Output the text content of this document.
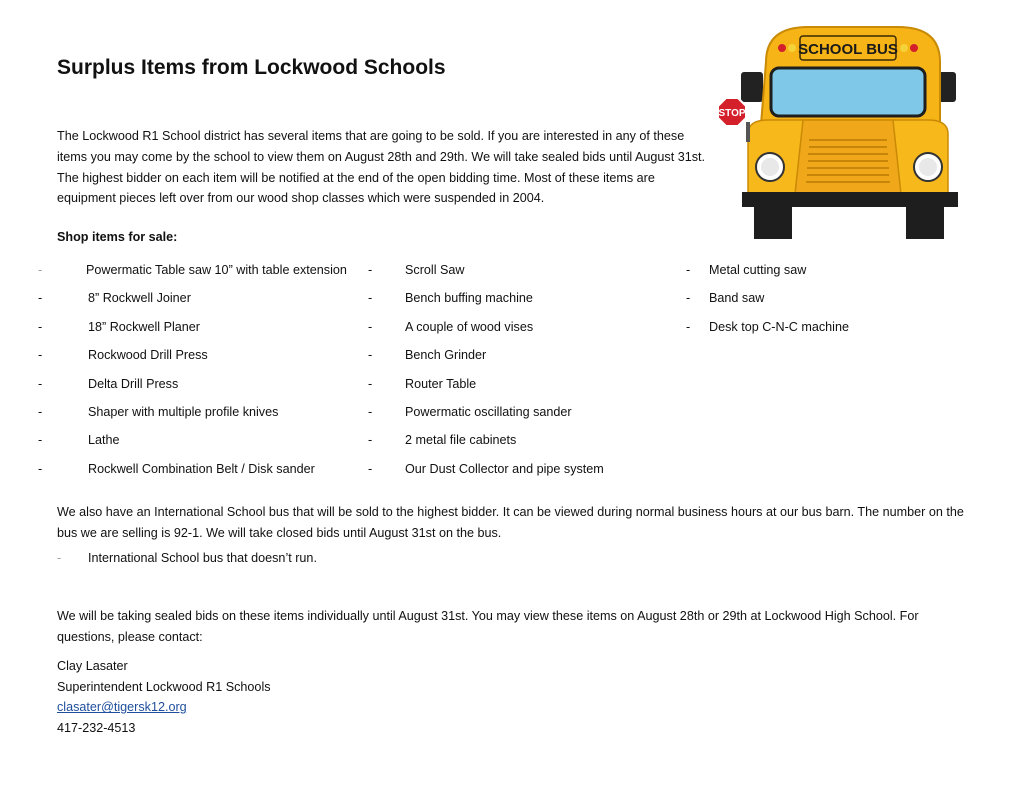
Surplus Items from Lockwood Schools

The Lockwood R1 School district has several items that are going to be sold. If you are interested in any of these items you may come by the school to view them on August 28th and 29th. We will take sealed bids until August 31st. The highest bidder on each item will be notified at the end of the open bidding time. Most of these items are equipment pieces left over from our wood shop classes which were suspended in 2004.

Shop items for sale:

-	Powermatic Table saw 10” with table extension
-	8” Rockwell Joiner
-	18” Rockwell Planer
-	Rockwood Drill Press
-	Delta Drill Press
-	Shaper with multiple profile knives
-	Lathe
-	Rockwell Combination Belt / Disk sander
-	Scroll Saw
-	Bench buffing machine
-	A couple of wood vises
-	Bench Grinder
-	Router Table
-	Powermatic oscillating sander
-	2 metal file cabinets
-	Our Dust Collector and pipe system
- Metal cutting saw
- Band saw
- Desk top C-N-C machine

We also have an International School bus that will be sold to the highest bidder. It can be viewed during normal business hours at our bus barn. The number on the bus we are selling is 92-1. We will take closed bids until August 31st on the bus.

- International School bus that doesn’t run.

We will be taking sealed bids on these items individually until August 31st. You may view these items on August 28th or 29th at Lockwood High School. For questions, please contact:

Clay Lasater
Superintendent Lockwood R1 Schools
clasater@tigersk12.org
417-232-4513
SCHOOL BUS
STOP
